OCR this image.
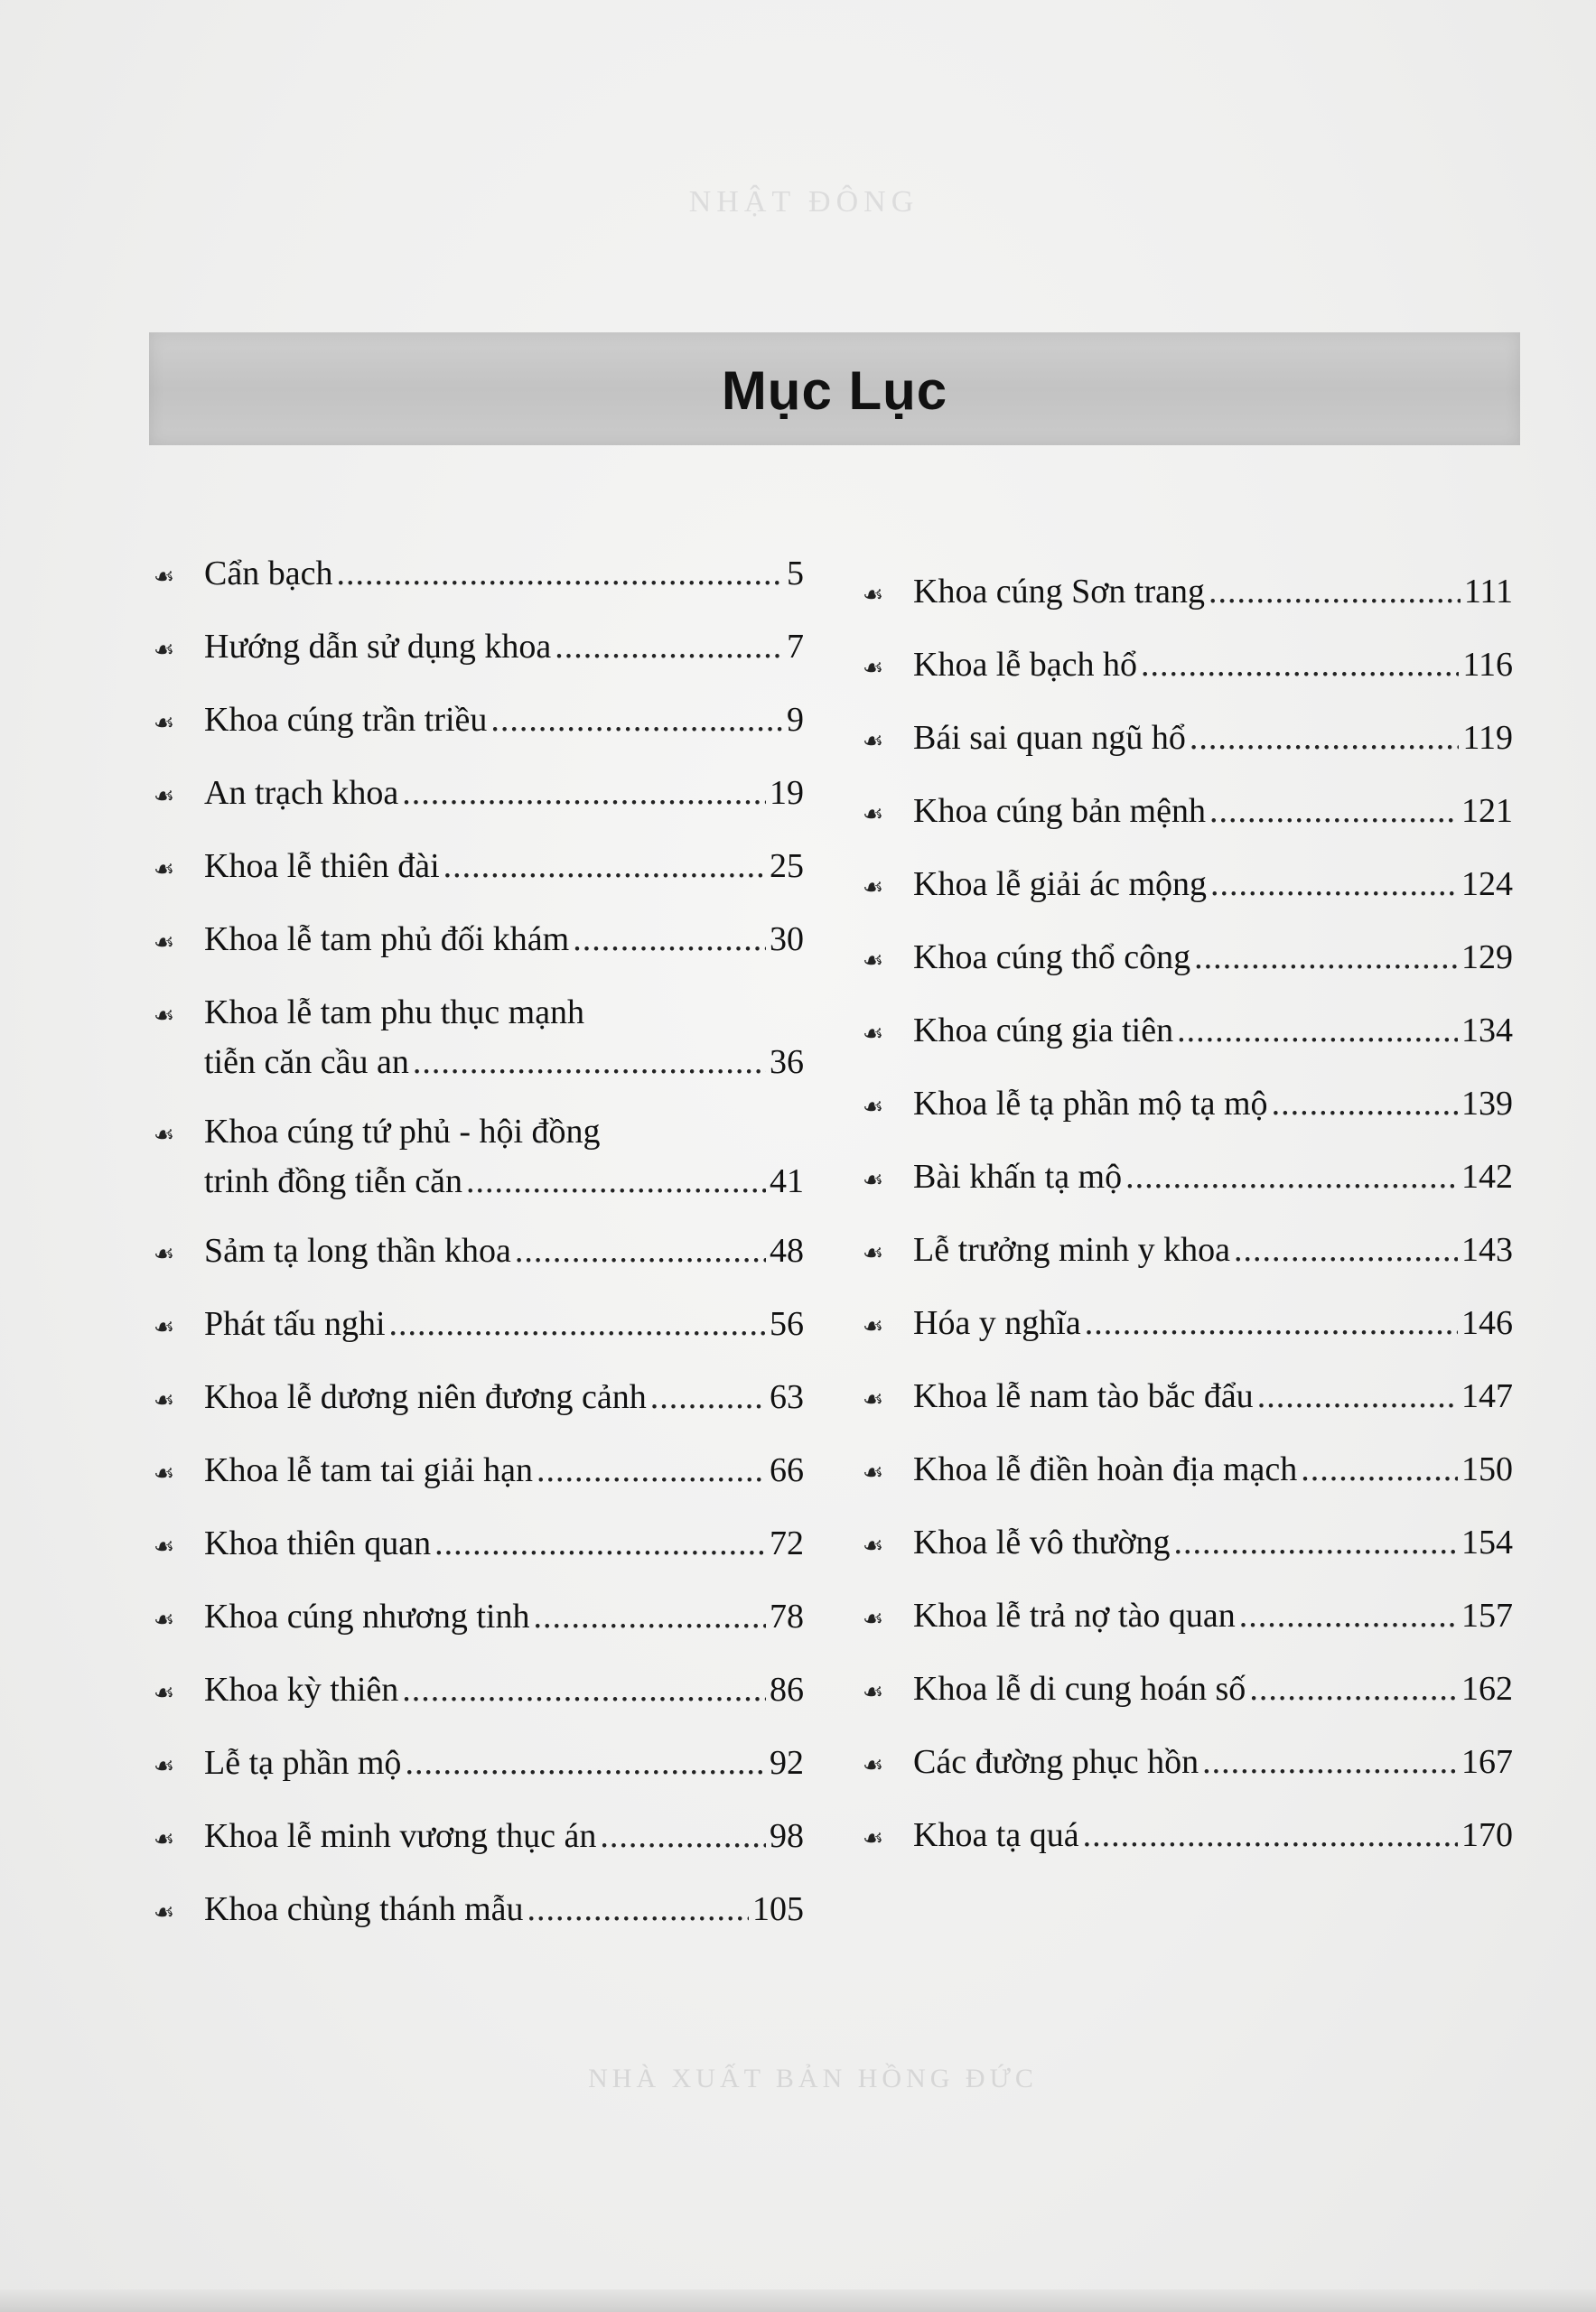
NHẬT ĐÔNG
Mục Lục
☙ Cẩn bạch .....	5
☙ Hướng dẫn sử dụng khoa .....	7
☙ Khoa cúng trần triều .....	9
☙ An trạch khoa .....	19
☙ Khoa lễ thiên đài .....	25
☙ Khoa lễ tam phủ đối khám .....	30
☙ Khoa lễ tam phu thục mạnh
tiễn căn cầu an .....	36
☙ Khoa cúng tứ phủ - hội đồng
trinh đồng tiễn căn .....	41
☙ Sảm tạ long thần khoa .....	48
☙ Phát tấu nghi .....	56
☙ Khoa lễ dương niên đương cảnh .....	63
☙ Khoa lễ tam tai giải hạn .....	66
☙ Khoa thiên quan .....	72
☙ Khoa cúng nhương tinh .....	78
☙ Khoa kỳ thiên .....	86
☙ Lễ tạ phần mộ .....	92
☙ Khoa lễ minh vương thục án .....	98
☙ Khoa chùng thánh mẫu .....	105
☙ Khoa cúng Sơn trang .....	111
☙ Khoa lễ bạch hổ .....	116
☙ Bái sai quan ngũ hổ .....	119
☙ Khoa cúng bản mệnh .....	121
☙ Khoa lễ giải ác mộng .....	124
☙ Khoa cúng thổ công .....	129
☙ Khoa cúng gia tiên .....	134
☙ Khoa lễ tạ phần mộ tạ mộ .....	139
☙ Bài khấn tạ mộ .....	142
☙ Lễ trưởng minh y khoa .....	143
☙ Hóa y nghĩa .....	146
☙ Khoa lễ nam tào bắc đẩu .....	147
☙ Khoa lễ điền hoàn địa mạch .....	150
☙ Khoa lễ vô thường .....	154
☙ Khoa lễ trả nợ tào quan .....	157
☙ Khoa lễ di cung hoán số .....	162
☙ Các đường phục hồn .....	167
☙ Khoa tạ quá .....	170
NHÀ XUẤT BẢN HỒNG ĐỨC
